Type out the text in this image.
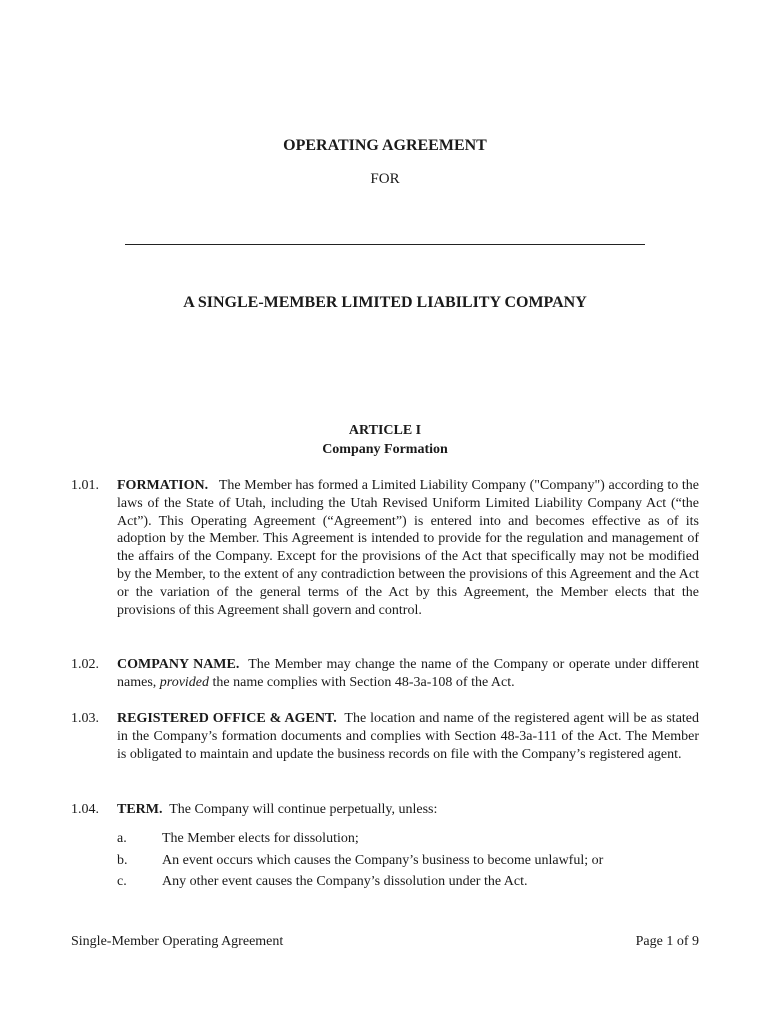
OPERATING AGREEMENT

FOR

A SINGLE-MEMBER LIMITED LIABILITY COMPANY

ARTICLE I

Company Formation

1.01.	FORMATION. The Member has formed a Limited Liability Company ("Company") according to the laws of the State of Utah, including the Utah Revised Uniform Limited Liability Company Act (“the Act”). This Operating Agreement (“Agreement”) is entered into and becomes effective as of its adoption by the Member. This Agreement is intended to provide for the regulation and management of the affairs of the Company. Except for the provisions of the Act that specifically may not be modified by the Member, to the extent of any contradiction between the provisions of this Agreement and the Act or the variation of the general terms of the Act by this Agreement, the Member elects that the provisions of this Agreement shall govern and control.
1.02.	COMPANY NAME. The Member may change the name of the Company or operate under different names, provided the name complies with Section 48-3a-108 of the Act.
1.03.	REGISTERED OFFICE & AGENT. The location and name of the registered agent will be as stated in the Company’s formation documents and complies with Section 48-3a-111 of the Act. The Member is obligated to maintain and update the business records on file with the Company’s registered agent.
1.04.	TERM. The Company will continue perpetually, unless:
a.	The Member elects for dissolution;
b.	An event occurs which causes the Company’s business to become unlawful; or
c.	Any other event causes the Company’s dissolution under the Act.

Single-Member Operating Agreement	Page 1 of 9
